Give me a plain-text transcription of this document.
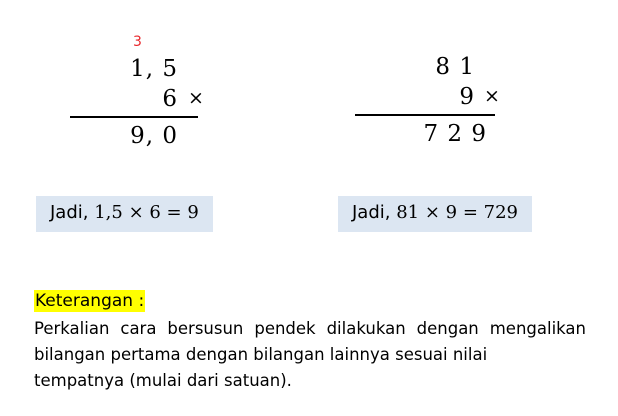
3
1, 5
6 ×
9, 0
8 1
9 ×
7 2 9
Jadi, 1,5 × 6 = 9	Jadi, 81 × 9 = 729
Keterangan :
Perkalian cara bersusun pendek dilakukan dengan mengalikan bilangan pertama dengan bilangan lainnya sesuai nilai
tempatnya (mulai dari satuan).
